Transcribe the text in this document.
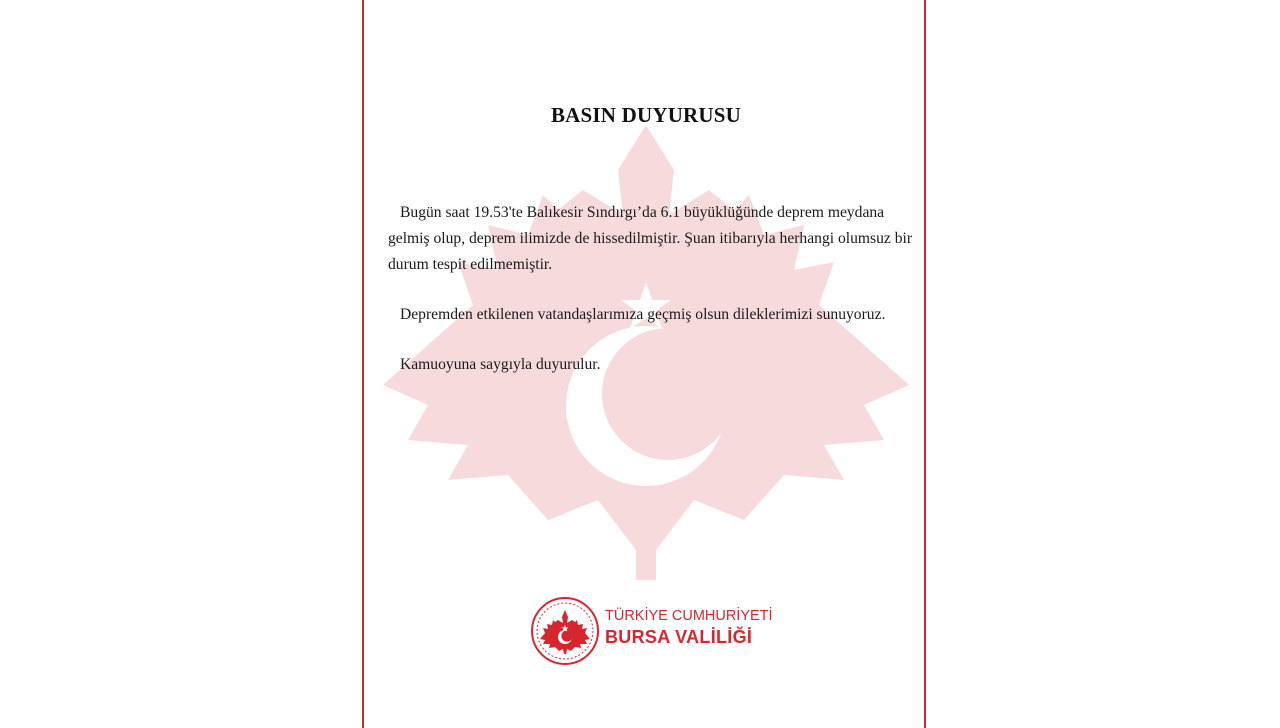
BASIN DUYURUSU

Bugün saat 19.53'te Balıkesir Sındırgı’da 6.1 büyüklüğünde deprem meydana gelmiş olup, deprem ilimizde de hissedilmiştir. Şuan itibarıyla herhangi olumsuz bir durum tespit edilmemiştir.

Depremden etkilenen vatandaşlarımıza geçmiş olsun dileklerimizi sunuyoruz.

Kamuoyuna saygıyla duyurulur.

TÜRKİYE CUMHURİYETİ
BURSA VALİLİĞİ
